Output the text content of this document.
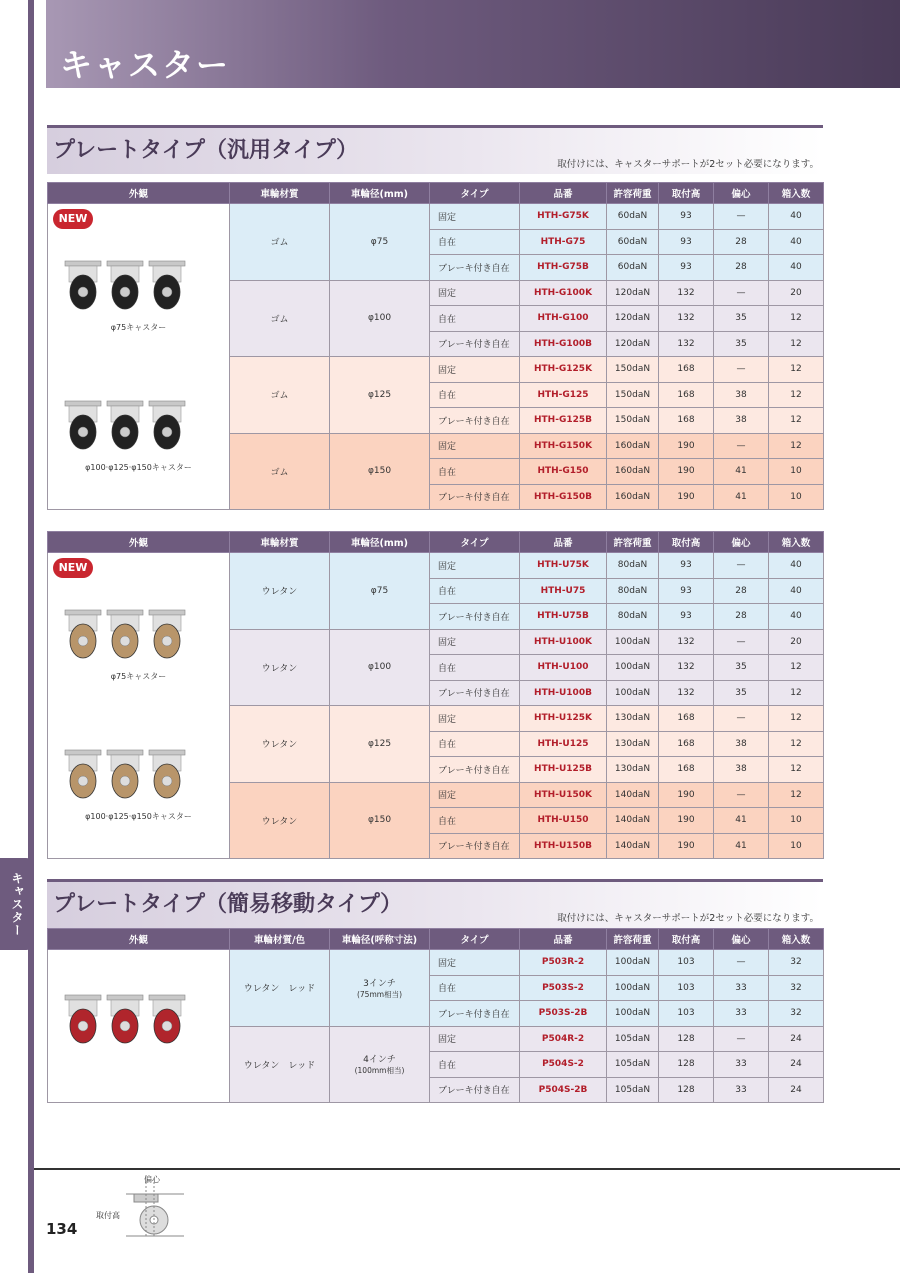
キャスター
キャスター
プレートタイプ（汎用タイプ）
取付けには、キャスターサポートが2セット必要になります。
外観	車輪材質	車輪径(mm)	タイプ	品番	許容荷重	取付高	偏心	箱入数

NEW
φ75キャスター
φ100·φ125·φ150キャスター	ゴム	φ75	固定	HTH-G75K	60daN	93	—	40
			自在	HTH-G75	60daN	93	28	40
			ブレーキ付き自在	HTH-G75B	60daN	93	28	40
	ゴム	φ100	固定	HTH-G100K	120daN	132	—	20
			自在	HTH-G100	120daN	132	35	12
			ブレーキ付き自在	HTH-G100B	120daN	132	35	12
	ゴム	φ125	固定	HTH-G125K	150daN	168	—	12
			自在	HTH-G125	150daN	168	38	12
			ブレーキ付き自在	HTH-G125B	150daN	168	38	12
	ゴム	φ150	固定	HTH-G150K	160daN	190	—	12
			自在	HTH-G150	160daN	190	41	10
			ブレーキ付き自在	HTH-G150B	160daN	190	41	10
外観	車輪材質	車輪径(mm)	タイプ	品番	許容荷重	取付高	偏心	箱入数

NEW
φ75キャスター
φ100·φ125·φ150キャスター	ウレタン	φ75	固定	HTH-U75K	80daN	93	—	40
			自在	HTH-U75	80daN	93	28	40
			ブレーキ付き自在	HTH-U75B	80daN	93	28	40
	ウレタン	φ100	固定	HTH-U100K	100daN	132	—	20
			自在	HTH-U100	100daN	132	35	12
			ブレーキ付き自在	HTH-U100B	100daN	132	35	12
	ウレタン	φ125	固定	HTH-U125K	130daN	168	—	12
			自在	HTH-U125	130daN	168	38	12
			ブレーキ付き自在	HTH-U125B	130daN	168	38	12
	ウレタン	φ150	固定	HTH-U150K	140daN	190	—	12
			自在	HTH-U150	140daN	190	41	10
			ブレーキ付き自在	HTH-U150B	140daN	190	41	10
プレートタイプ（簡易移動タイプ）
取付けには、キャスターサポートが2セット必要になります。
外観	車輪材質/色	車輪径(呼称寸法)	タイプ	品番	許容荷重	取付高	偏心	箱入数

	ウレタン　レッド	3インチ
(75mm相当)	固定	P503R-2	100daN	103	—	32
			自在	P503S-2	100daN	103	33	32
			ブレーキ付き自在	P503S-2B	100daN	103	33	32
	ウレタン　レッド	4インチ
(100mm相当)	固定	P504R-2	105daN	128	—	24
			自在	P504S-2	105daN	128	33	24
			ブレーキ付き自在	P504S-2B	105daN	128	33	24
134
偏心
取付高
